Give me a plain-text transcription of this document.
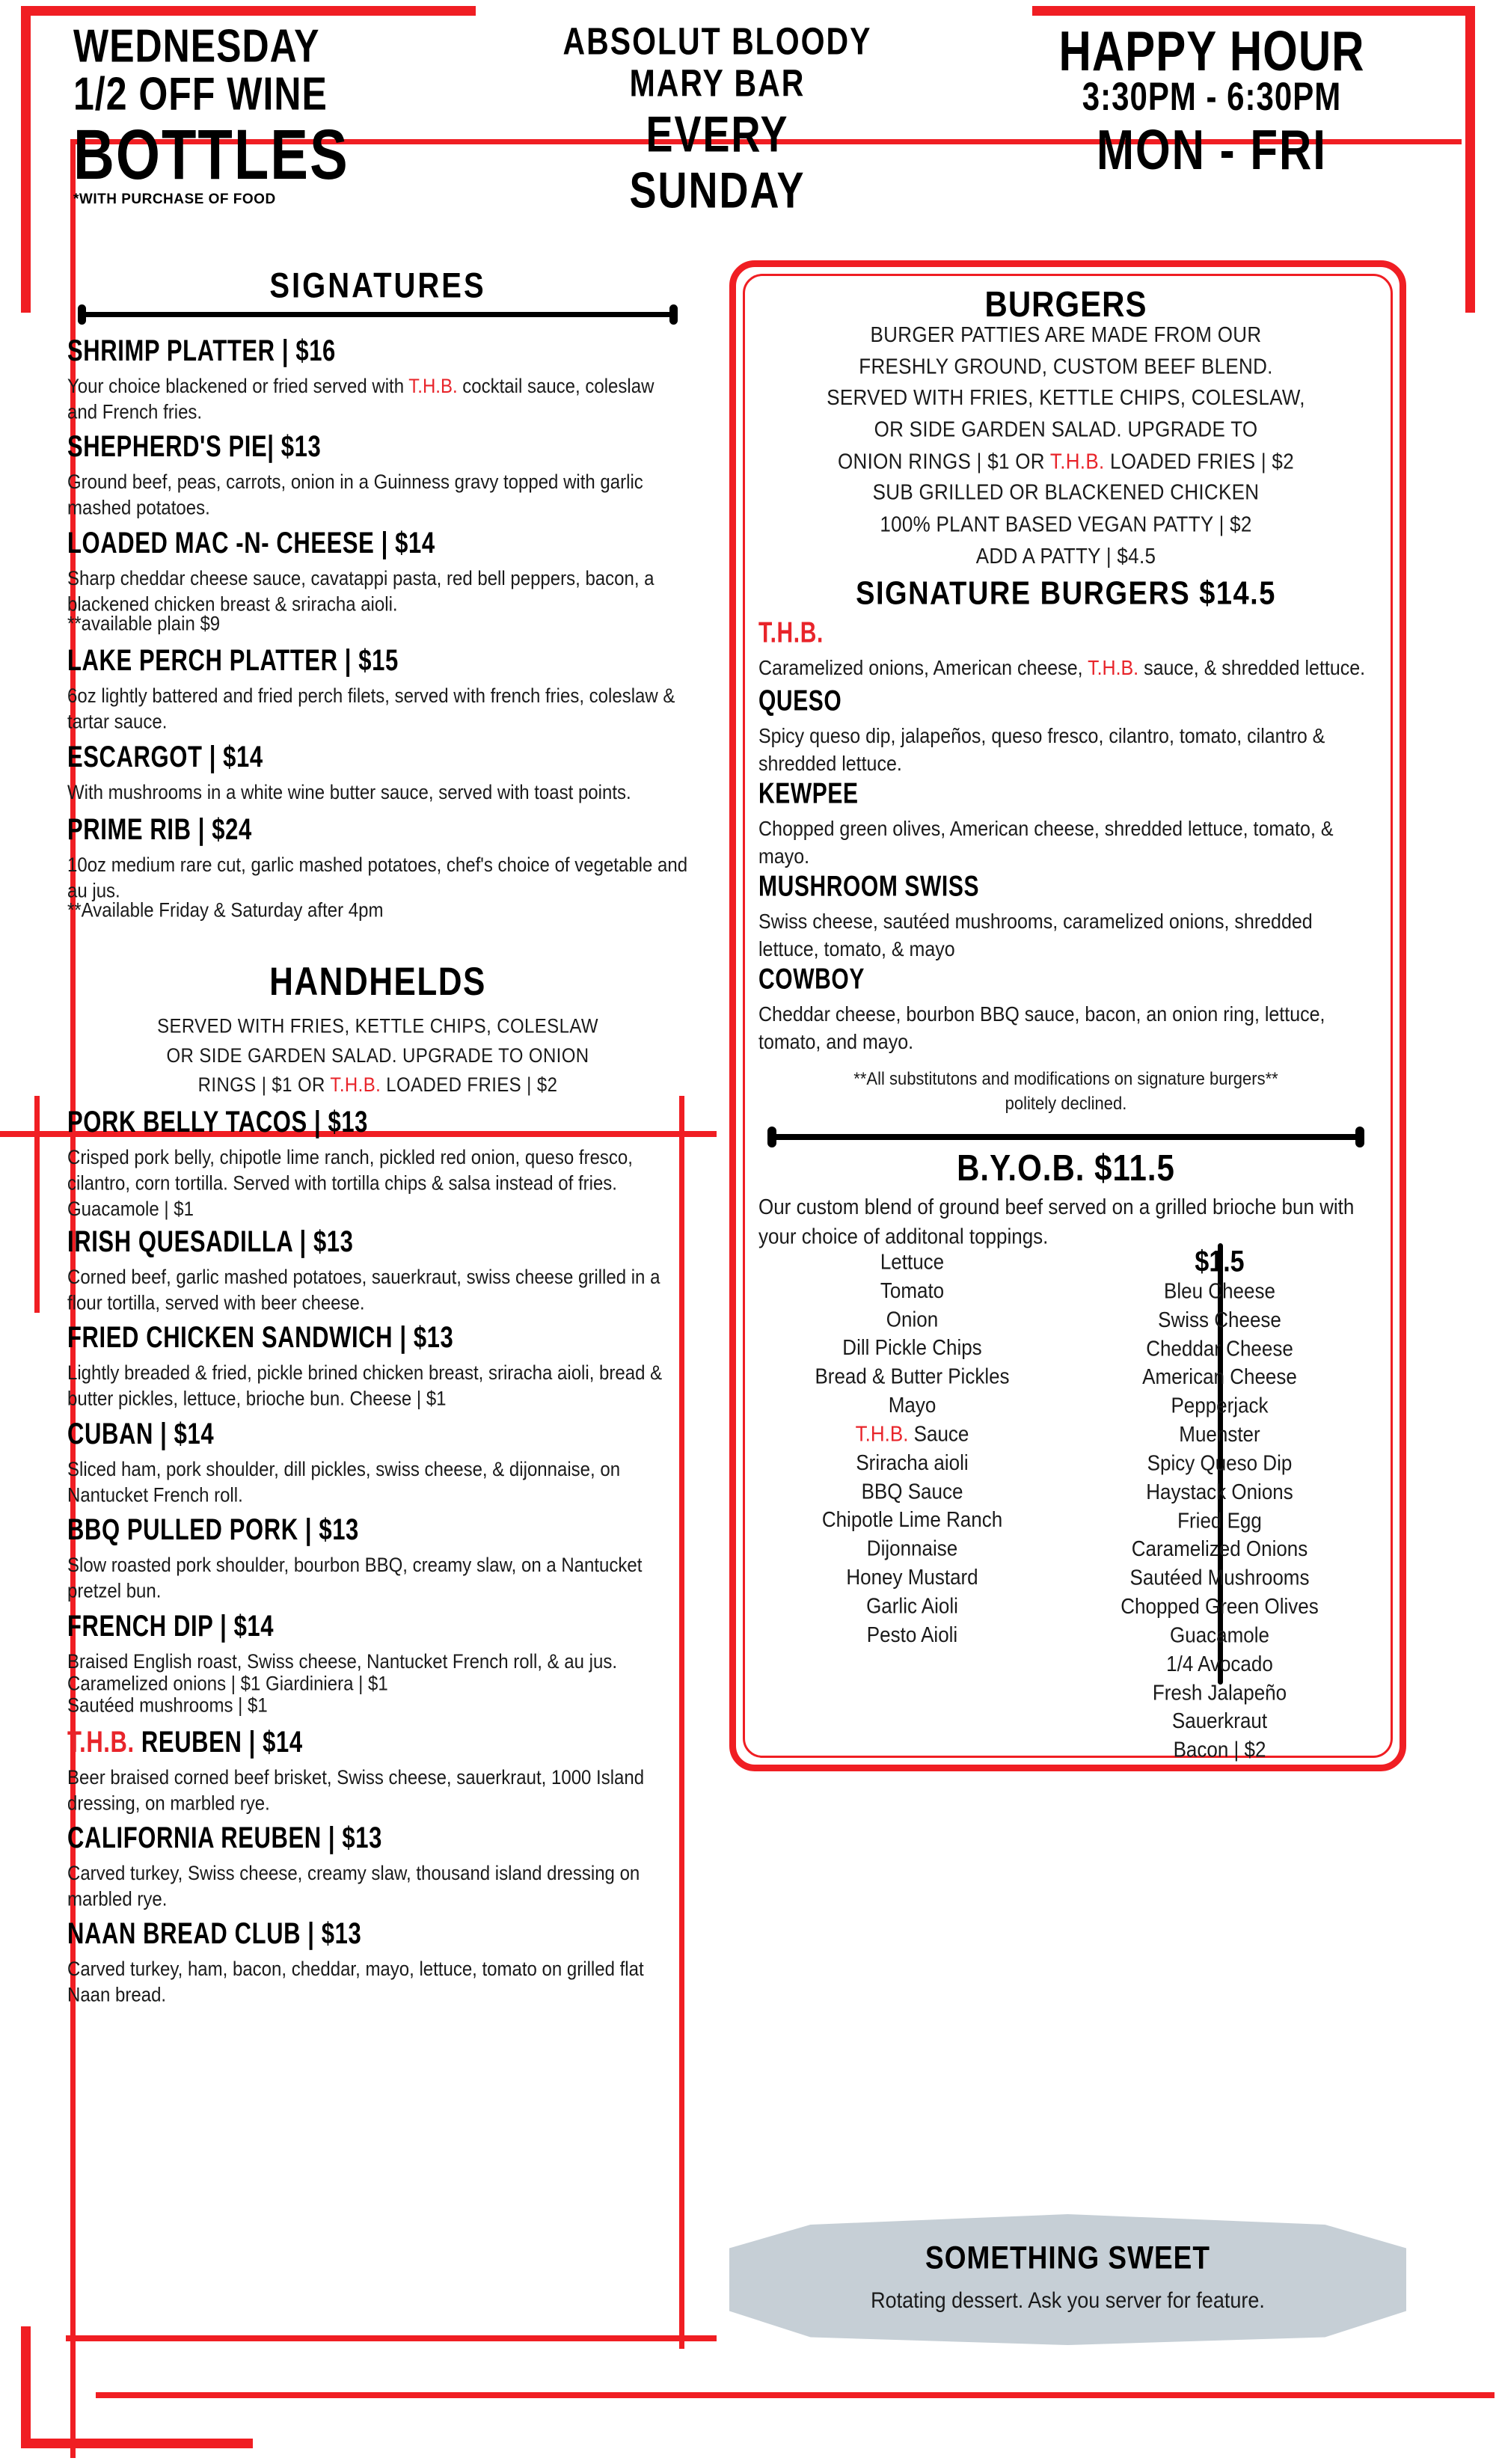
WEDNESDAY
1/2 OFF WINE
BOTTLES
*WITH PURCHASE OF FOOD
ABSOLUT BLOODY
MARY BAR
EVERY
SUNDAY
HAPPY HOUR
3:30PM - 6:30PM
MON - FRI
SIGNATURES
SHRIMP PLATTER | $16
Your choice blackened or fried served with T.H.B. cocktail sauce, coleslaw and French fries.
SHEPHERD'S PIE| $13
Ground beef, peas, carrots, onion in a Guinness gravy topped with garlic mashed potatoes.
LOADED MAC -N- CHEESE | $14
Sharp cheddar cheese sauce, cavatappi pasta, red bell peppers, bacon, a blackened chicken breast & sriracha aioli.
**available plain $9
LAKE PERCH PLATTER | $15
6oz lightly battered and fried perch filets, served with french fries, coleslaw & tartar sauce.
ESCARGOT | $14
With mushrooms in a white wine butter sauce, served with toast points.
PRIME RIB | $24
10oz medium rare cut, garlic mashed potatoes, chef's choice of vegetable and au jus.
**Available Friday & Saturday after 4pm
HANDHELDS
SERVED WITH FRIES, KETTLE CHIPS, COLESLAW
OR SIDE GARDEN SALAD. UPGRADE TO ONION
RINGS | $1 OR T.H.B. LOADED FRIES | $2
PORK BELLY TACOS | $13
Crisped pork belly, chipotle lime ranch, pickled red onion, queso fresco, cilantro, corn tortilla. Served with tortilla chips & salsa instead of fries. Guacamole | $1
IRISH QUESADILLA | $13
Corned beef, garlic mashed potatoes, sauerkraut, swiss cheese grilled in a flour tortilla, served with beer cheese.
FRIED CHICKEN SANDWICH | $13
Lightly breaded & fried, pickle brined chicken breast, sriracha aioli, bread & butter pickles, lettuce, brioche bun. Cheese | $1
CUBAN | $14
Sliced ham, pork shoulder, dill pickles, swiss cheese, & dijonnaise, on Nantucket French roll.
BBQ PULLED PORK | $13
Slow roasted pork shoulder, bourbon BBQ, creamy slaw, on a Nantucket pretzel bun.
FRENCH DIP | $14
Braised English roast, Swiss cheese, Nantucket French roll, & au jus.
Caramelized onions | $1 Giardiniera | $1
Sautéed mushrooms | $1
T.H.B. REUBEN | $14
Beer braised corned beef brisket, Swiss cheese, sauerkraut, 1000 Island dressing, on marbled rye.
CALIFORNIA REUBEN | $13
Carved turkey, Swiss cheese, creamy slaw, thousand island dressing on marbled rye.
NAAN BREAD CLUB | $13
Carved turkey, ham, bacon, cheddar, mayo, lettuce, tomato on grilled flat Naan bread.
BURGERS
BURGER PATTIES ARE MADE FROM OUR
FRESHLY GROUND, CUSTOM BEEF BLEND.
SERVED WITH FRIES, KETTLE CHIPS, COLESLAW,
OR SIDE GARDEN SALAD. UPGRADE TO
ONION RINGS | $1 OR T.H.B. LOADED FRIES | $2
SUB GRILLED OR BLACKENED CHICKEN
100% PLANT BASED VEGAN PATTY | $2
ADD A PATTY | $4.5
SIGNATURE BURGERS $14.5
T.H.B.
Caramelized onions, American cheese, T.H.B. sauce, & shredded lettuce.
QUESO
Spicy queso dip, jalapeños, queso fresco, cilantro, tomato, cilantro & shredded lettuce.
KEWPEE
Chopped green olives, American cheese, shredded lettuce, tomato, & mayo.
MUSHROOM SWISS
Swiss cheese, sautéed mushrooms, caramelized onions, shredded lettuce, tomato, & mayo
COWBOY
Cheddar cheese, bourbon BBQ sauce, bacon, an onion ring, lettuce, tomato, and mayo.
**All substitutons and modifications on signature burgers**
politely declined.
B.Y.O.B. $11.5
Our custom blend of ground beef served on a grilled brioche bun with your choice of additonal toppings.
Lettuce
Tomato
Onion
Dill Pickle Chips
Bread & Butter Pickles
Mayo
T.H.B. Sauce
Sriracha aioli
BBQ Sauce
Chipotle Lime Ranch
Dijonnaise
Honey Mustard
Garlic Aioli
Pesto Aioli
$1.5
Bleu Cheese
Swiss Cheese
Cheddar Cheese
American Cheese
Pepperjack
Muenster
Spicy Queso Dip
Haystack Onions
Fried Egg
Caramelized Onions
Sautéed Mushrooms
Chopped Green Olives
Guacamole
1/4 Avocado
Fresh Jalapeño
Sauerkraut
Bacon | $2
SOMETHING SWEET
Rotating dessert. Ask you server for feature.
